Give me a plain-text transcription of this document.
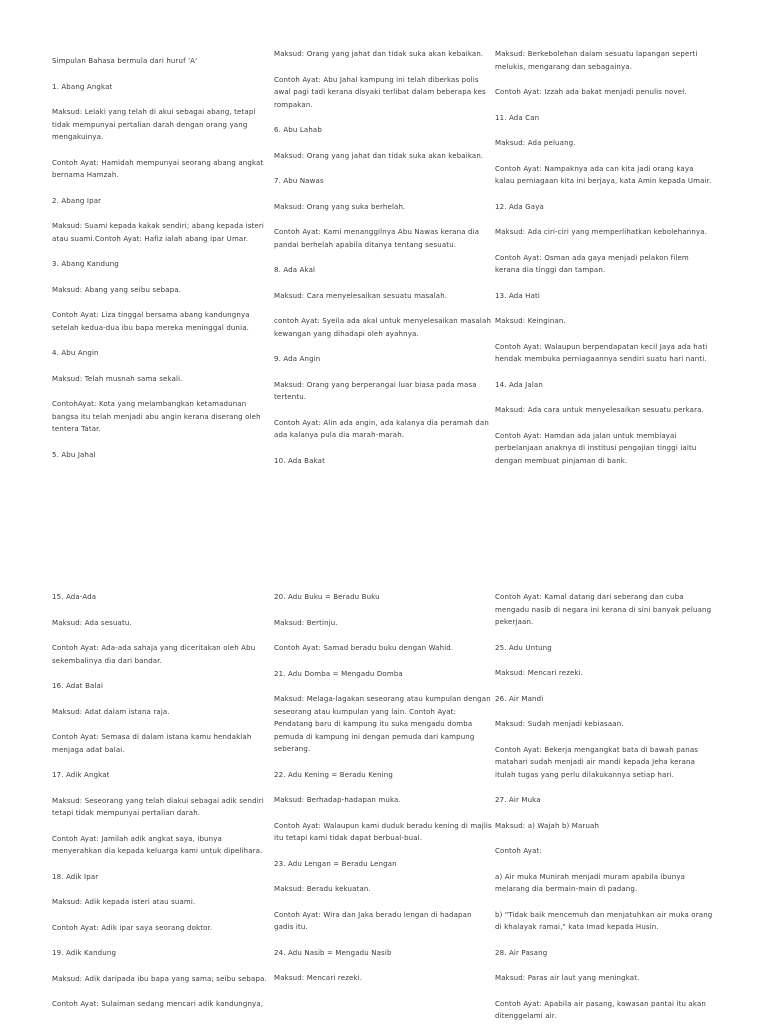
Simpulan Bahasa bermula dari huruf 'A'

1. Abang Angkat

Maksud: Lelaki yang telah di akui sebagai abang, tetapi tidak mempunyai pertalian darah dengan orang yang mengakuinya.

Contoh Ayat: Hamidah mempunyai seorang abang angkat bernama Hamzah.

2. Abang Ipar

Maksud: Suami kepada kakak sendiri; abang kepada isteri atau suami.Contoh Ayat: Hafiz ialah abang ipar Umar.

3. Abang Kandung

Maksud: Abang yang seibu sebapa.

Contoh Ayat: Liza tinggal bersama abang kandungnya setelah kedua-dua ibu bapa mereka meninggal dunia.

4. Abu Angin

Maksud: Telah musnah sama sekali.

ContohAyat: Kota yang melambangkan ketamadunan bangsa itu telah menjadi abu angin kerana diserang oleh tentera Tatar.

5. Abu Jahal

Maksud: Orang yang jahat dan tidak suka akan kebaikan.

Contoh Ayat: Abu Jahal kampung ini telah diberkas polis awal pagi tadi kerana disyaki terlibat dalam beberapa kes rompakan.

6. Abu Lahab

Maksud: Orang yang jahat dan tidak suka akan kebaikan.

7. Abu Nawas

Maksud: Orang yang suka berhelah.

Contoh Ayat: Kami menanggilnya Abu Nawas kerana dia pandai berhelah apabila ditanya tentang sesuatu.

8. Ada Akal

Maksud: Cara menyelesaikan sesuatu masalah.

contoh Ayat: Syeila ada akal untuk menyelesaikan masalah kewangan yang dihadapi oleh ayahnya.

9. Ada Angin

Maksud: Orang yang berperangai luar biasa pada masa tertentu.

Contoh Ayat: Alin ada angin, ada kalanya dia peramah dan ada kalanya pula dia marah-marah.

10. Ada Bakat

Maksud: Berkebolehan dalam sesuatu lapangan seperti melukis, mengarang dan sebagainya.

Contoh Ayat: Izzah ada bakat menjadi penulis novel.

11. Ada Can

Maksud: Ada peluang.

Contoh Ayat: Nampaknya ada can kita jadi orang kaya kalau perniagaan kita ini berjaya, kata Amin kepada Umair.

12. Ada Gaya

Maksud: Ada ciri-ciri yang memperlihatkan kebolehannya.

Contoh Ayat: Osman ada gaya menjadi pelakon filem kerana dia tinggi dan tampan.

13. Ada Hati

Maksud: Keinginan.

Contoh Ayat: Walaupun berpendapatan kecil Jaya ada hati hendak membuka perniagaannya sendiri suatu hari nanti.

14. Ada Jalan

Maksud: Ada cara untuk menyelesaikan sesuatu perkara.

Contoh Ayat: Hamdan ada jalan untuk membiayai perbelanjaan anaknya di institusi pengajian tinggi iaitu dengan membuat pinjaman di bank.

15. Ada-Ada

Maksud: Ada sesuatu.

Contoh Ayat: Ada-ada sahaja yang diceritakan oleh Abu sekembalinya dia dari bandar.

16. Adat Balai

Maksud: Adat dalam istana raja.

Contoh Ayat: Semasa di dalam istana kamu hendaklah menjaga adat balai.

17. Adik Angkat

Maksud: Seseorang yang telah diakui sebagai adik sendiri tetapi tidak mempunyai pertalian darah.

Contoh Ayat: Jamilah adik angkat saya, ibunya menyerahkan dia kepada keluarga kami untuk dipelihara.

18. Adik Ipar

Maksud: Adik kepada isteri atau suami.

Contoh Ayat: Adik ipar saya seorang doktor.

19. Adik Kandung

Maksud: Adik daripada ibu bapa yang sama; seibu sebapa.

Contoh Ayat: Sulaiman sedang mencari adik kandungnya,

20. Adu Buku = Beradu Buku

Maksud: Bertinju.

Contoh Ayat: Samad beradu buku dengan Wahid.

21. Adu Domba = Mengadu Domba

Maksud: Melaga-lagakan seseorang atau kumpulan dengan seseorang atau kumpulan yang lain. Contoh Ayat: Pendatang baru di kampung itu suka mengadu domba pemuda di kampung ini dengan pemuda dari kampung seberang.

22. Adu Kening = Beradu Kening

Maksud: Berhadap-hadapan muka.

Contoh Ayat: Walaupun kami duduk beradu kening di majlis itu tetapi kami tidak dapat berbual-bual.

23. Adu Lengan = Beradu Lengan

Maksud: Beradu kekuatan.

Contoh Ayat: Wira dan Jaka beradu lengan di hadapan gadis itu.

24. Adu Nasib = Mengadu Nasib

Maksud: Mencari rezeki.

Contoh Ayat: Kamal datang dari seberang dan cuba mengadu nasib di negara ini kerana di sini banyak peluang pekerjaan.

25. Adu Untung

Maksud: Mencari rezeki.

26. Air Mandi

Maksud: Sudah menjadi kebiasaan.

Contoh Ayat: Bekerja mengangkat bata di bawah panas matahari sudah menjadi air mandi kepada Jeha kerana itulah tugas yang perlu dilakukannya setiap hari.

27. Air Muka

Maksud: a) Wajah b) Maruah

Contoh Ayat:

a) Air muka Munirah menjadi muram apabila ibunya melarang dia bermain-main di padang.

b) "Tidak baik mencemuh dan menjatuhkan air muka orang di khalayak ramai," kata Imad kepada Husin.

28. Air Pasang

Maksud: Paras air laut yang meningkat.

Contoh Ayat: Apabila air pasang, kawasan pantai itu akan ditenggelami air.
